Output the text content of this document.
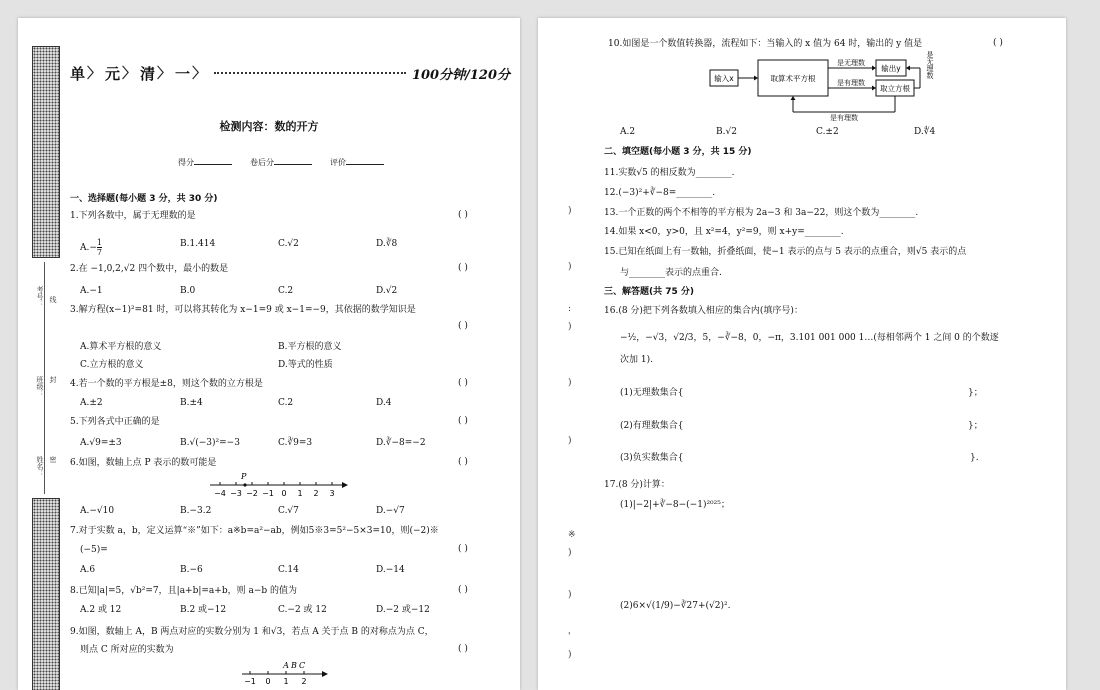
考号：
班级：
姓名：
线
封
密
单 〉 元 〉 清 〉 一 〉	100分钟/120分
检测内容：数的开方
得分	卷后分	评价
一、选择题(每小题 3 分，共 30 分)
1.下列各数中，属于无理数的是	( )
$A.- \frac{1}{7}$	B.1.414	C.√2	D.∛8
2.在 −1,0,2,√2 四个数中，最小的数是	( )
A.−1	B.0	C.2	D.√2
3.解方程(x−1)²=81 时，可以将其转化为 x−1=9 或 x−1=−9，其依据的数学知识是
( )
A.算术平方根的意义	B.平方根的意义
C.立方根的意义	D.等式的性质
4.若一个数的平方根是±8，则这个数的立方根是	( )
A.±2	B.±4	C.2	D.4
5.下列各式中正确的是	( )
A.√9=±3	B.√(−3)²=−3	C.∛9=3	D.∛−8=−2
6.如图，数轴上点 P 表示的数可能是	( )
−4 −3 −2 −1 0 1 2 3
P
A.−√10	B.−3.2	C.√7	D.−√7
7.对于实数 a，b，定义运算“※”如下：a※b=a²−ab，例如5※3=5²−5×3=10，则(−2)※
(−5)=	( )
A.6	B.−6	C.14	D.−14
8.已知|a|=5，√b²=7，且|a+b|=a+b，则 a−b 的值为	( )
A.2 或 12	B.2 或−12	C.−2 或 12	D.−2 或−12
9.如图，数轴上 A，B 两点对应的实数分别为 1 和√3，若点 A 关于点 B 的对称点为点 C，
则点 C 所对应的实数为	( )
−1 0 1 2
A B C
10.如图是一个数值转换器，流程如下：当输入的 x 值为 64 时，输出的 y 值是	( )
输入x	取算术平方根
是无理数
是有理数
输出y
取立方根
是无理数
是有理数
A.2	B.√2	C.±2	D.∜4
二、填空题(每小题 3 分，共 15 分)
11.实数√5 的相反数为________.
12.(−3)²+∛−8=________.
13.一个正数的两个不相等的平方根为 2a−3 和 3a−22，则这个数为________.
14.如果 x<0，y>0，且 x²=4，y²=9，则 x+y=________.
15.已知在纸面上有一数轴，折叠纸面，使−1 表示的点与 5 表示的点重合，则√5 表示的点
与________表示的点重合.
三、解答题(共 75 分)
16.(8 分)把下列各数填入相应的集合内(填序号)：
−½，−√3，√2/3，5，−∛−8，0，−π，3.101 001 000 1…(每相邻两个 1 之间 0 的个数逐
次加 1).
(1)无理数集合{	}；
(2)有理数集合{	}；
(3)负实数集合{	}.
17.(8 分)计算：
(1)|−2|+∛−8−(−1)²⁰²⁵；
(2)6×√(1/9)−∛27+(√2)².
)
)
:
)
)
)
※
)
)
'
)
